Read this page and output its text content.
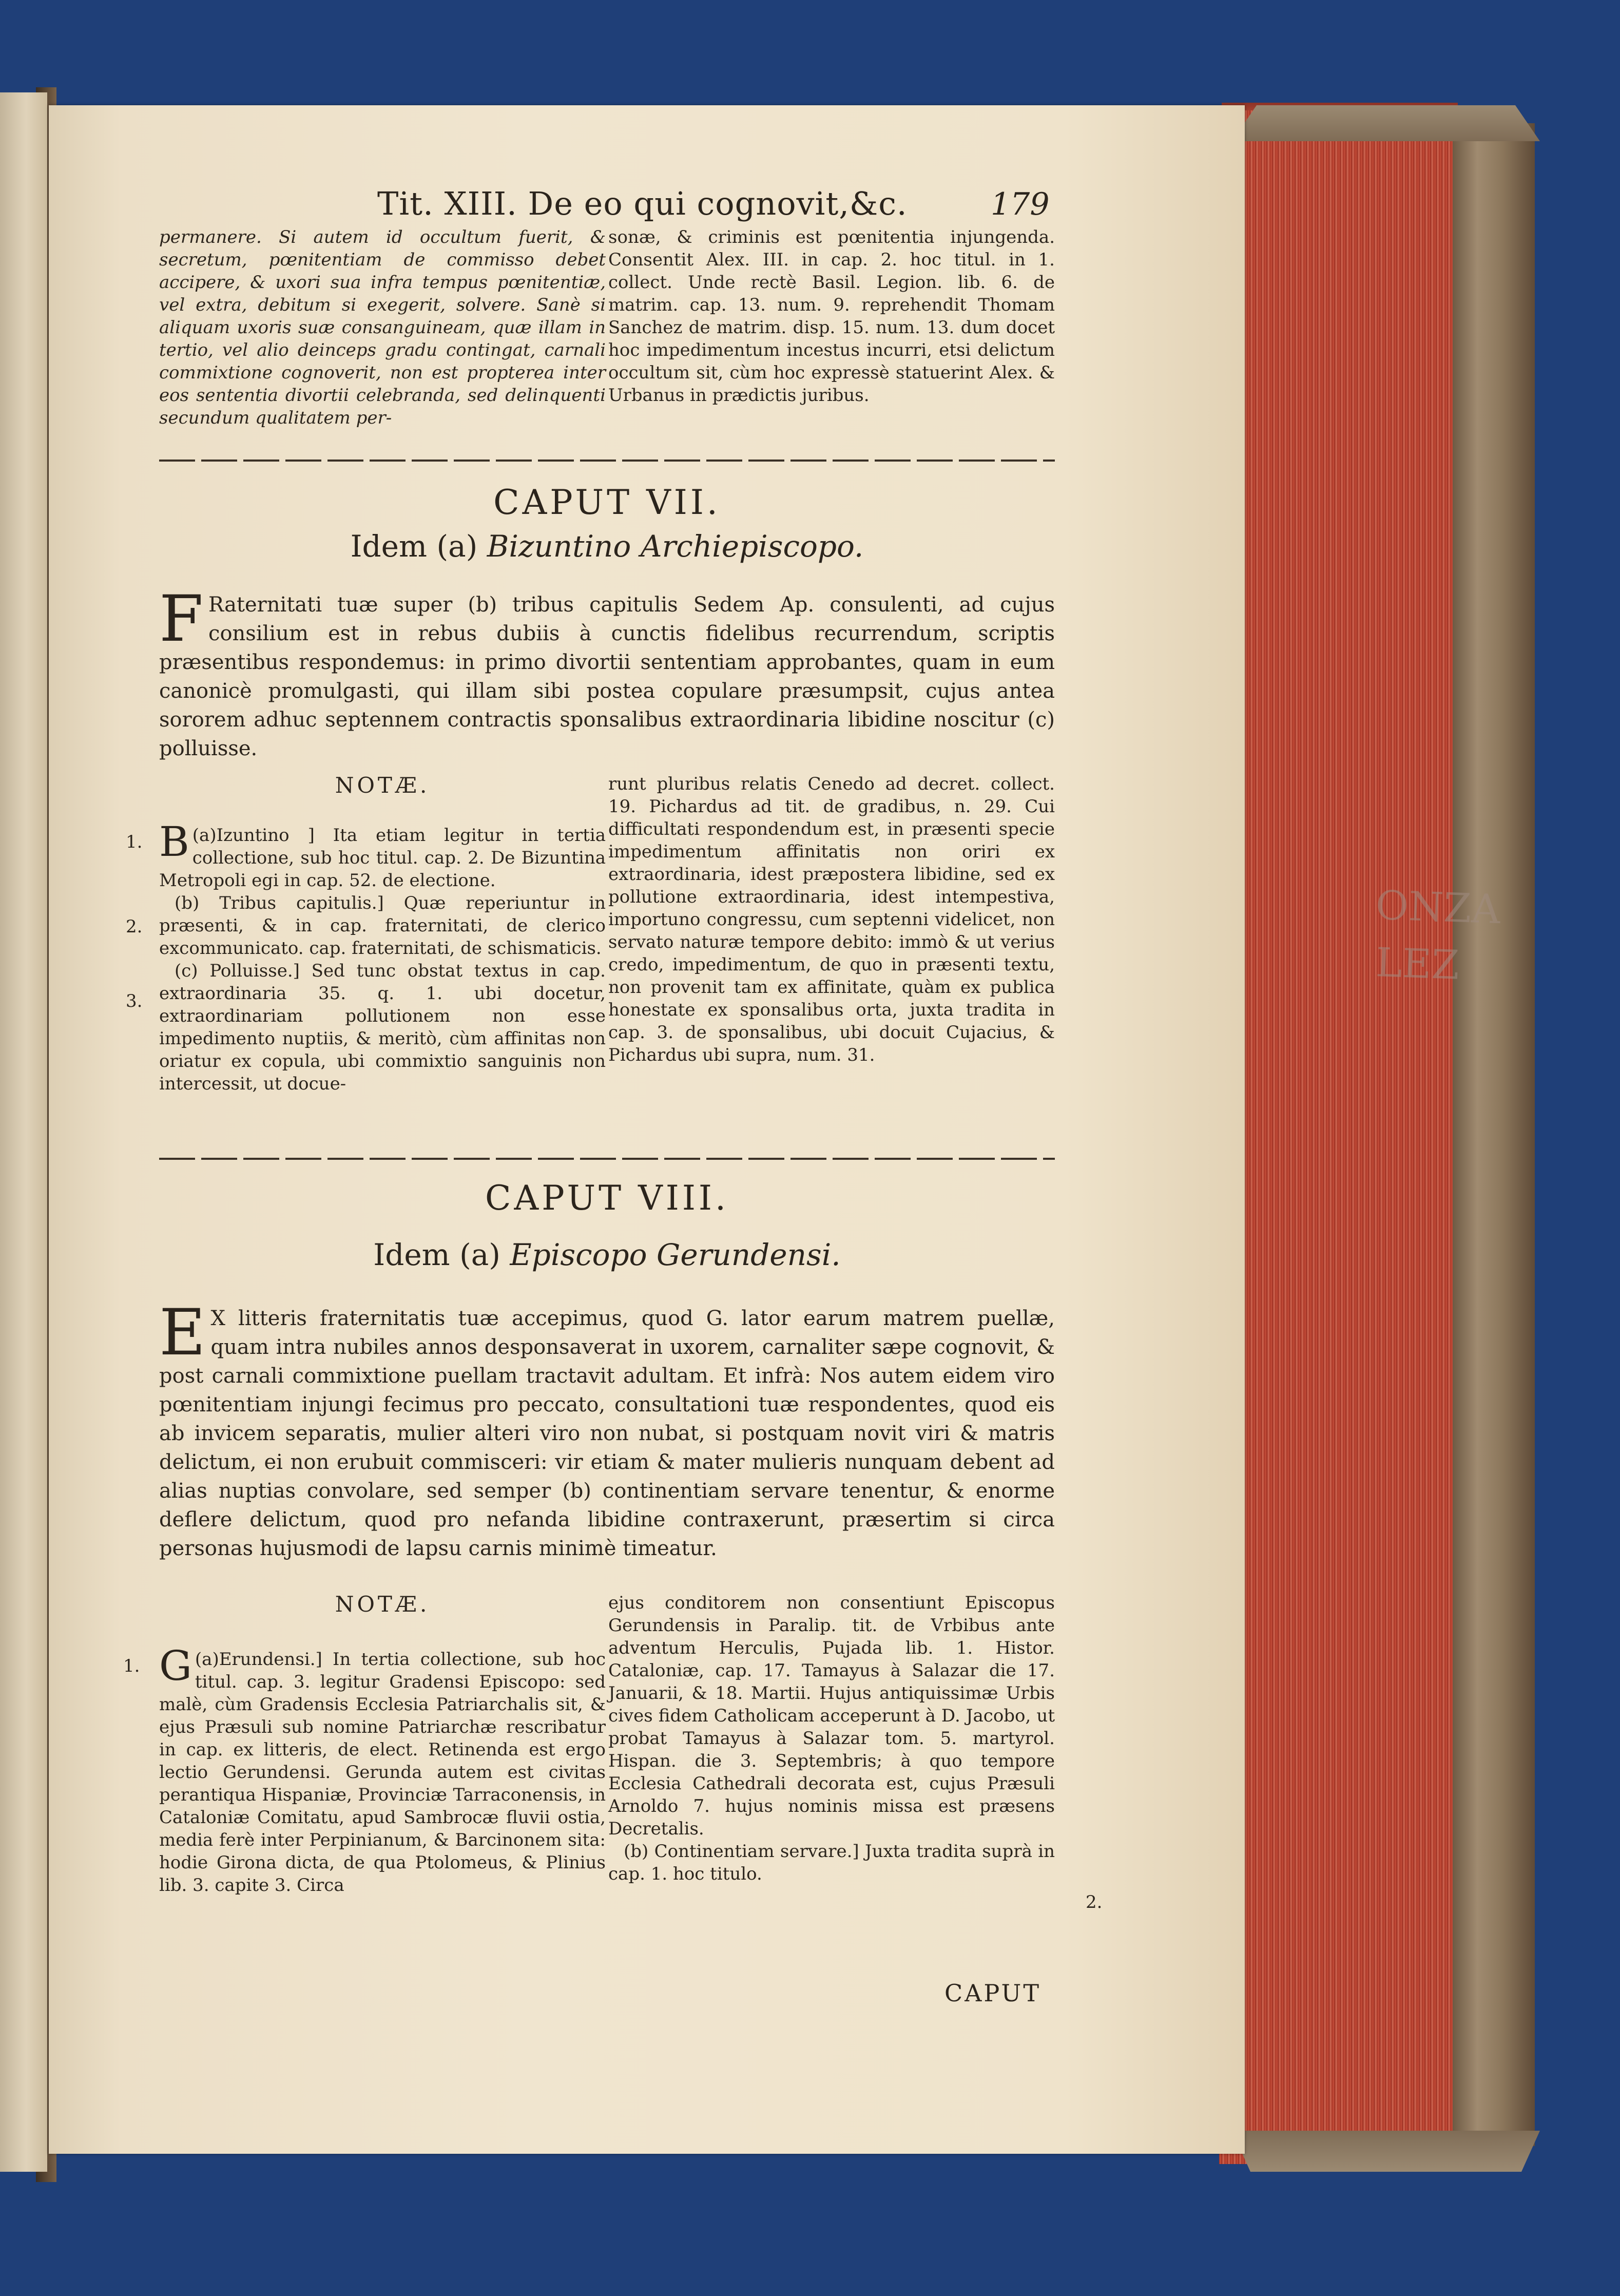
ONZA
LEZ
Tit. XIII. De eo qui cognovit,&c.	179
permanere. Si autem id occultum fuerit, & secretum, pœnitentiam de commisso debet accipere, & uxori sua infra tempus pœnitentiæ, vel extra, debitum si exegerit, solvere. Sanè si aliquam uxoris suæ consanguineam, quæ illam in tertio, vel alio deinceps gradu contingat, carnali commixtione cognoverit, non est propterea inter eos sententia divortii celebranda, sed delinquenti secundum qualitatem per-
sonæ, & criminis est pœnitentia injungenda. Consentit Alex. III. in cap. 2. hoc titul. in 1. collect. Unde rectè Basil. Legion. lib. 6. de matrim. cap. 13. num. 9. reprehendit Thomam Sanchez de matrim. disp. 15. num. 13. dum docet hoc impedimentum incestus incurri, etsi delictum occultum sit, cùm hoc expressè statuerint Alex. & Urbanus in prædictis juribus.
CAPUT VII.
Idem (a) Bizuntino Archiepiscopo.
F Raternitati tuæ super (b) tribus capitulis Sedem Ap. consulenti, ad cujus consilium est in rebus dubiis à cunctis fidelibus recurrendum, scriptis præsentibus respondemus: in primo divortii sententiam approbantes, quam in eum canonicè promulgasti, qui illam sibi postea copulare præsumpsit, cujus antea sororem adhuc septennem contractis sponsalibus extraordinaria libidine noscitur (c) polluisse.
NOTÆ.
1.
2.
3.
(a)
B Izuntino ] Ita etiam legitur in tertia collectione, sub hoc titul. cap. 2. De Bizuntina Metropoli egi in cap. 52. de electione.
(b) Tribus capitulis.] Quæ reperiuntur in præsenti, & in cap. fraternitati, de clerico excommunicato. cap. fraternitati, de schismaticis.
(c) Polluisse.] Sed tunc obstat textus in cap. extraordinaria 35. q. 1. ubi docetur, extraordinariam pollutionem non esse impedimento nuptiis, & meritò, cùm affinitas non oriatur ex copula, ubi commixtio sanguinis non intercessit, ut docue-
runt pluribus relatis Cenedo ad decret. collect. 19. Pichardus ad tit. de gradibus, n. 29. Cui difficultati respondendum est, in præsenti specie impedimentum affinitatis non oriri ex extraordinaria, idest præpostera libidine, sed ex pollutione extraordinaria, idest intempestiva, importuno congressu, cum septenni videlicet, non servato naturæ tempore debito: immò & ut verius credo, impedimentum, de quo in præsenti textu, non provenit tam ex affinitate, quàm ex publica honestate ex sponsalibus orta, juxta tradita in cap. 3. de sponsalibus, ubi docuit Cujacius, & Pichardus ubi supra, num. 31.
CAPUT VIII.
Idem (a) Episcopo Gerundensi.
E X litteris fraternitatis tuæ accepimus, quod G. lator earum matrem puellæ, quam intra nubiles annos desponsaverat in uxorem, carnaliter sæpe cognovit, & post carnali commixtione puellam tractavit adultam. Et infrà: Nos autem eidem viro pœnitentiam injungi fecimus pro peccato, consultationi tuæ respondentes, quod eis ab invicem separatis, mulier alteri viro non nubat, si postquam novit viri & matris delictum, ei non erubuit commisceri: vir etiam & mater mulieris nunquam debent ad alias nuptias convolare, sed semper (b) continentiam servare tenentur, & enorme deflere delictum, quod pro nefanda libidine contraxerunt, præsertim si circa personas hujusmodi de lapsu carnis minimè timeatur.
NOTÆ.
1.
2.
(a)
G Erundensi.] In tertia collectione, sub hoc titul. cap. 3. legitur Gradensi Episcopo: sed malè, cùm Gradensis Ecclesia Patriarchalis sit, & ejus Præsuli sub nomine Patriarchæ rescribatur in cap. ex litteris, de elect. Retinenda est ergo lectio Gerundensi. Gerunda autem est civitas perantiqua Hispaniæ, Provinciæ Tarraconensis, in Cataloniæ Comitatu, apud Sambrocæ fluvii ostia, media ferè inter Perpinianum, & Barcinonem sita: hodie Girona dicta, de qua Ptolomeus, & Plinius lib. 3. capite 3. Circa
ejus conditorem non consentiunt Episcopus Gerundensis in Paralip. tit. de Vrbibus ante adventum Herculis, Pujada lib. 1. Histor. Cataloniæ, cap. 17. Tamayus à Salazar die 17. Januarii, & 18. Martii. Hujus antiquissimæ Urbis cives fidem Catholicam acceperunt à D. Jacobo, ut probat Tamayus à Salazar tom. 5. martyrol. Hispan. die 3. Septembris; à quo tempore Ecclesia Cathedrali decorata est, cujus Præsuli Arnoldo 7. hujus nominis missa est præsens Decretalis.
(b) Continentiam servare.] Juxta tradita suprà in cap. 1. hoc titulo.
CAPUT
